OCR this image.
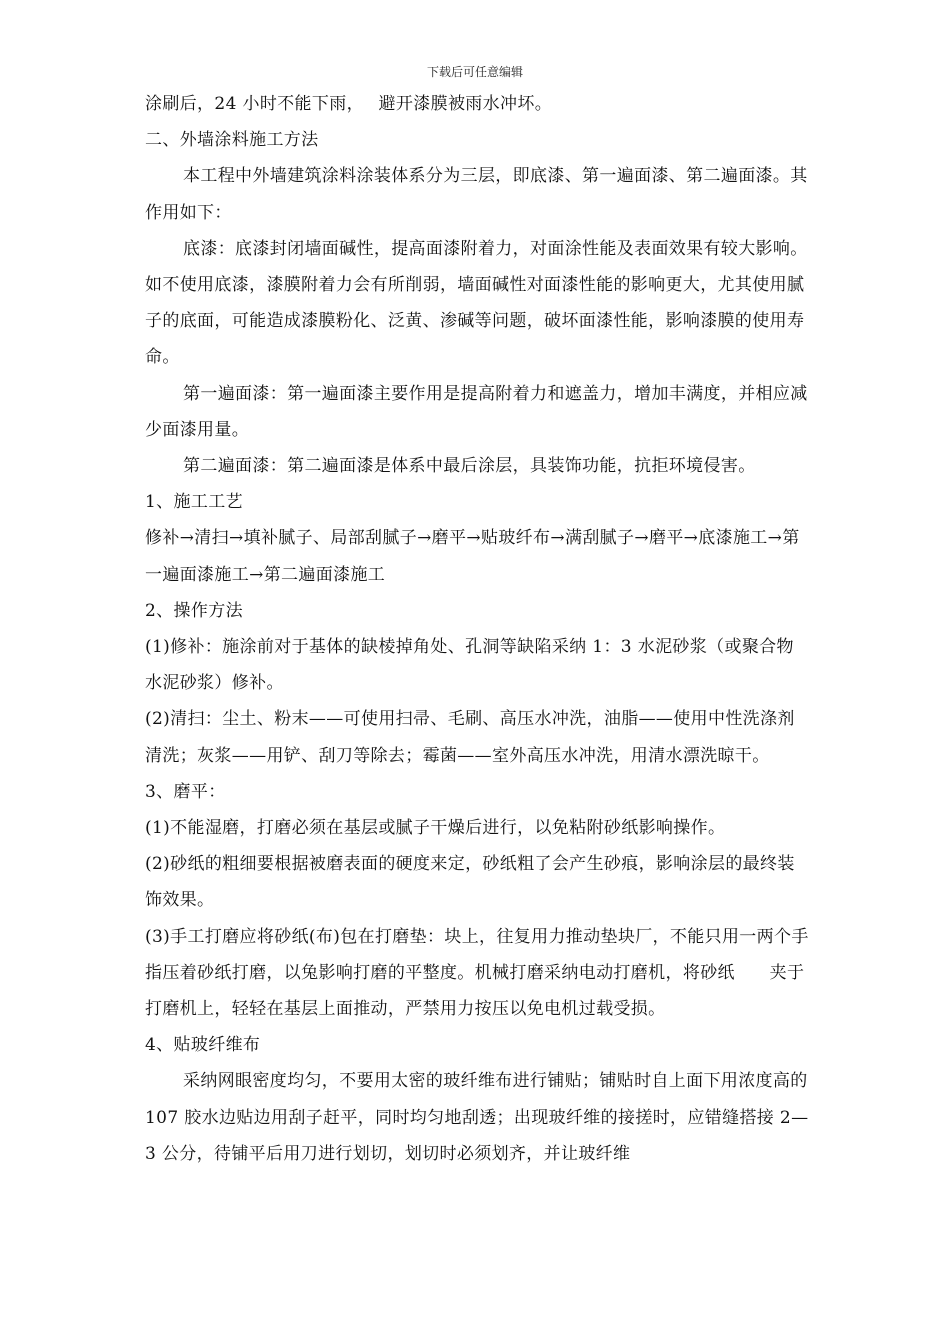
下载后可任意编辑

涂刷后，24 小时不能下雨，　 避开漆膜被雨水冲坏。

二、外墙涂料施工方法

本工程中外墙建筑涂料涂装体系分为三层，即底漆、第一遍面漆、第二遍面漆。其作用如下：

底漆：底漆封闭墙面碱性，提高面漆附着力，对面涂性能及表面效果有较大影响。如不使用底漆，漆膜附着力会有所削弱，墙面碱性对面漆性能的影响更大，尤其使用腻子的底面，可能造成漆膜粉化、泛黄、渗碱等问题，破坏面漆性能，影响漆膜的使用寿命。

第一遍面漆：第一遍面漆主要作用是提高附着力和遮盖力，增加丰满度，并相应减少面漆用量。

第二遍面漆：第二遍面漆是体系中最后涂层，具装饰功能，抗拒环境侵害。

1、施工工艺

修补→清扫→填补腻子、局部刮腻子→磨平→贴玻纤布→满刮腻子→磨平→底漆施工→第一遍面漆施工→第二遍面漆施工

2、操作方法

(1)修补：施涂前对于基体的缺棱掉角处、孔洞等缺陷采纳 1：3 水泥砂浆（或聚合物水泥砂浆）修补。

(2)清扫：尘土、粉末——可使用扫帚、毛刷、高压水冲洗，油脂——使用中性洗涤剂清洗；灰浆——用铲、刮刀等除去；霉菌——室外高压水冲洗，用清水漂洗晾干。

3、磨平：

(1)不能湿磨，打磨必须在基层或腻子干燥后进行，以免粘附砂纸影响操作。

(2)砂纸的粗细要根据被磨表面的硬度来定，砂纸粗了会产生砂痕，影响涂层的最终装饰效果。

(3)手工打磨应将砂纸(布)包在打磨垫：块上，往复用力推动垫块厂，不能只用一两个手指压着砂纸打磨，以兔影响打磨的平整度。机械打磨采纳电动打磨机，将砂纸　　夹于打磨机上，轻轻在基层上面推动，严禁用力按压以免电机过载受损。

4、贴玻纤维布

采纳网眼密度均匀，不要用太密的玻纤维布进行铺贴；铺贴时自上面下用浓度高的 107 胶水边贴边用刮子赶平，同时均匀地刮透；出现玻纤维的接搓时，应错缝搭接 2—3 公分，待铺平后用刀进行划切，划切时必须划齐，并让玻纤维
